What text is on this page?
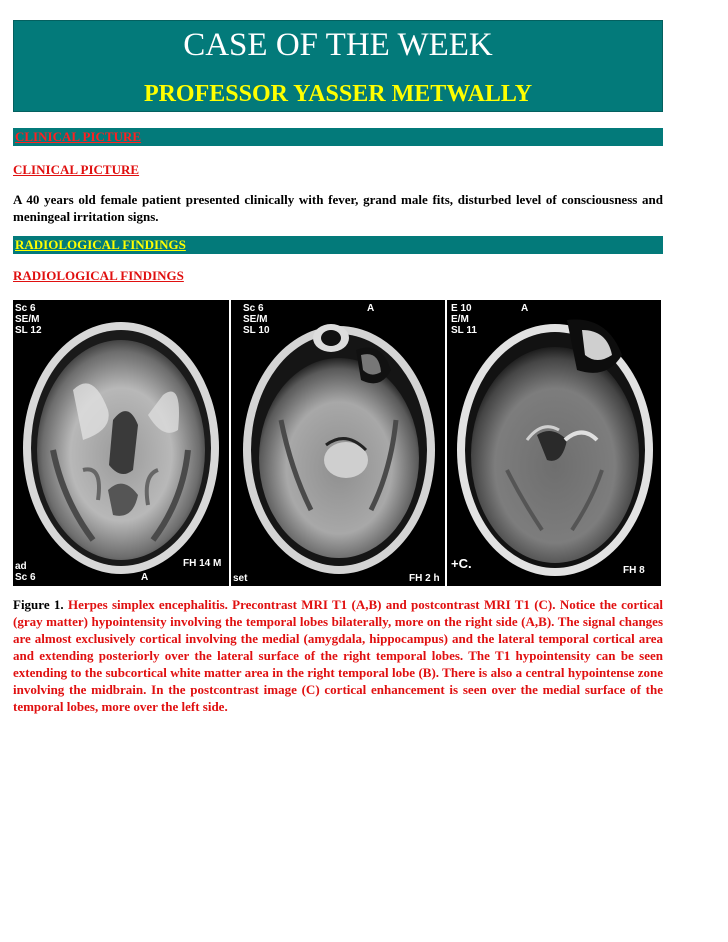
CASE OF THE WEEK
PROFESSOR YASSER METWALLY
CLINICAL PICTURE
CLINICAL PICTURE
A 40 years old female patient presented clinically with fever, grand male fits, disturbed level of consciousness and meningeal irritation signs.
RADIOLOGICAL FINDINGS
RADIOLOGICAL FINDINGS
Sc 6
SE/M
SL 12
ad
Sc 6
FH 14 M
A
Sc 6
SE/M
SL 10
set	FH 2 h
A	E 10
E/M
SL 11
+C.	FH 8
A
Figure 1. Herpes simplex encephalitis. Precontrast MRI T1 (A,B) and postcontrast MRI T1 (C). Notice the cortical (gray matter) hypointensity involving the temporal lobes bilaterally, more on the right side (A,B). The signal changes are almost exclusively cortical involving the medial (amygdala, hippocampus) and the lateral temporal cortical area and extending posteriorly over the lateral surface of the right temporal lobes. The T1 hypointensity can be seen extending to the subcortical white matter area in the right temporal lobe (B). There is also a central hypointense zone involving the midbrain. In the postcontrast image (C) cortical enhancement is seen over the medial surface of the temporal lobes, more over the left side.
